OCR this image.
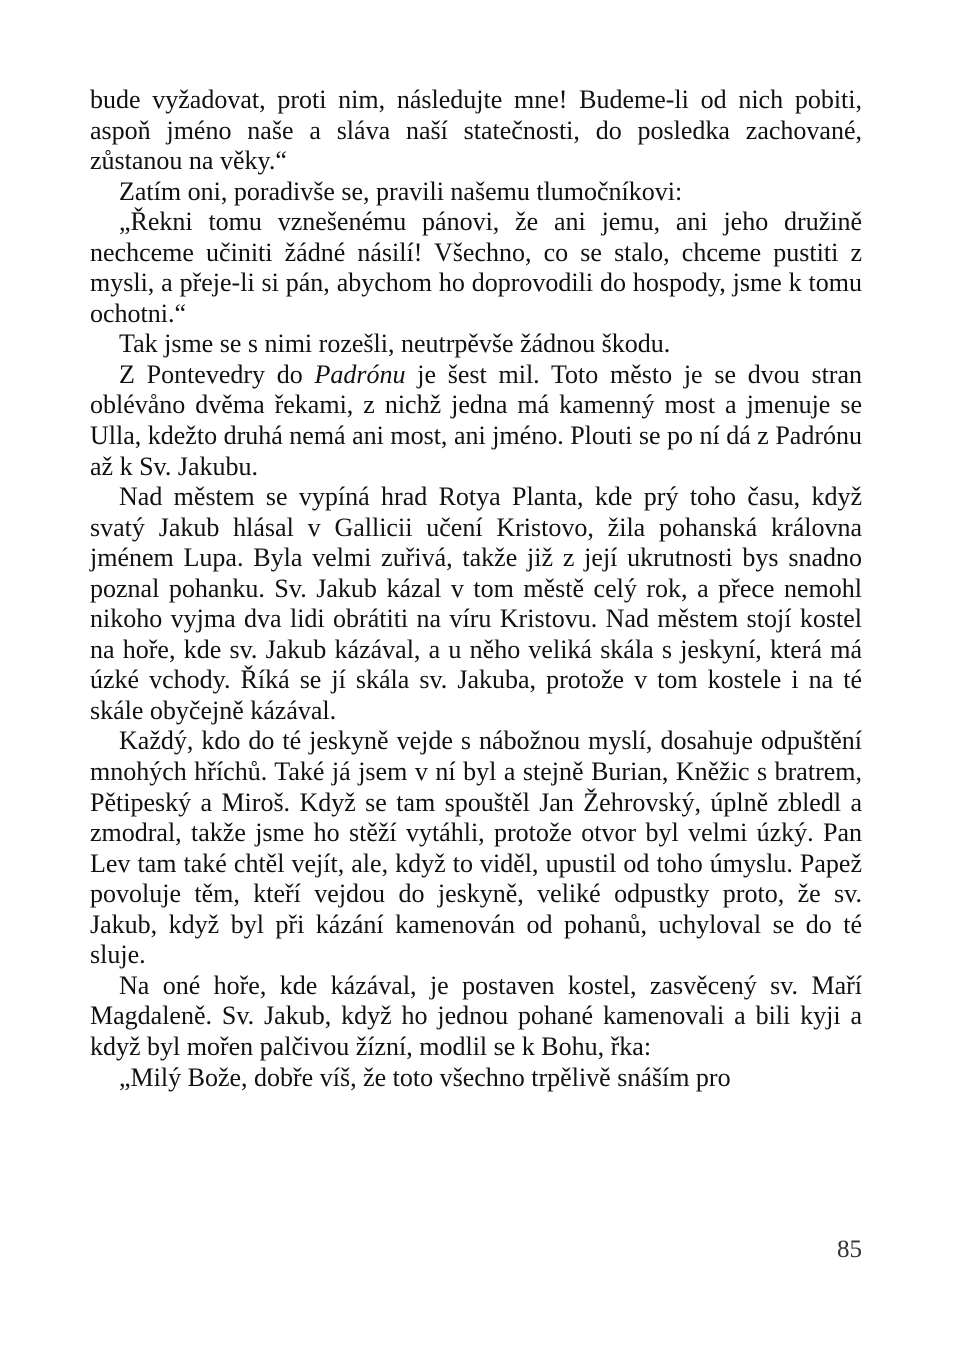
bude vyžadovat, proti nim, následujte mne! Budeme-li od nich pobiti, aspoň jméno naše a sláva naší statečnosti, do posledka zachované, zůstanou na věky.“

Zatím oni, poradivše se, pravili našemu tlumočníkovi:

„Řekni tomu vznešenému pánovi, že ani jemu, ani jeho družině nechceme učiniti žádné násilí! Všechno, co se stalo, chceme pustiti z mysli, a přeje-li si pán, abychom ho doprovodili do hospody, jsme k tomu ochotni.“

Tak jsme se s nimi rozešli, neutrpěvše žádnou škodu.

Z Pontevedry do Padrónu je šest mil. Toto město je se dvou stran oblévåno dvěma řekami, z nichž jedna má kamenný most a jmenuje se Ulla, kdežto druhá nemá ani most, ani jméno. Plouti se po ní dá z Padrónu až k Sv. Jakubu.

Nad městem se vypíná hrad Rotya Planta, kde prý toho času, když svatý Jakub hlásal v Gallicii učení Kristovo, žila pohanská královna jménem Lupa. Byla velmi zuřivá, takže již z její ukrutnosti bys snadno poznal pohanku. Sv. Jakub kázal v tom městě celý rok, a přece nemohl nikoho vyjma dva lidi obrátiti na víru Kristovu. Nad městem stojí kostel na hoře, kde sv. Jakub kázával, a u něho veliká skála s jeskyní, která má úzké vchody. Říká se jí skála sv. Jakuba, protože v tom kostele i na té skále obyčejně kázával.

Každý, kdo do té jeskyně vejde s nábožnou myslí, dosahuje odpuštění mnohých hříchů. Také já jsem v ní byl a stejně Burian, Kněžic s bratrem, Pětipeský a Miroš. Když se tam spouštěl Jan Žehrovský, úplně zbledl a zmodral, takže jsme ho stěží vytáhli, protože otvor byl velmi úzký. Pan Lev tam také chtěl vejít, ale, když to viděl, upustil od toho úmyslu. Papež povoluje těm, kteří vejdou do jeskyně, veliké odpustky proto, že sv. Jakub, když byl při kázání kamenován od pohanů, uchyloval se do té sluje.

Na oné hoře, kde kázával, je postaven kostel, zasvěcený sv. Maří Magdaleně. Sv. Jakub, když ho jednou pohané kamenovali a bili kyji a když byl mořen palčivou žízní, modlil se k Bohu, řka:

„Milý Bože, dobře víš, že toto všechno trpělivě snáším pro

85
